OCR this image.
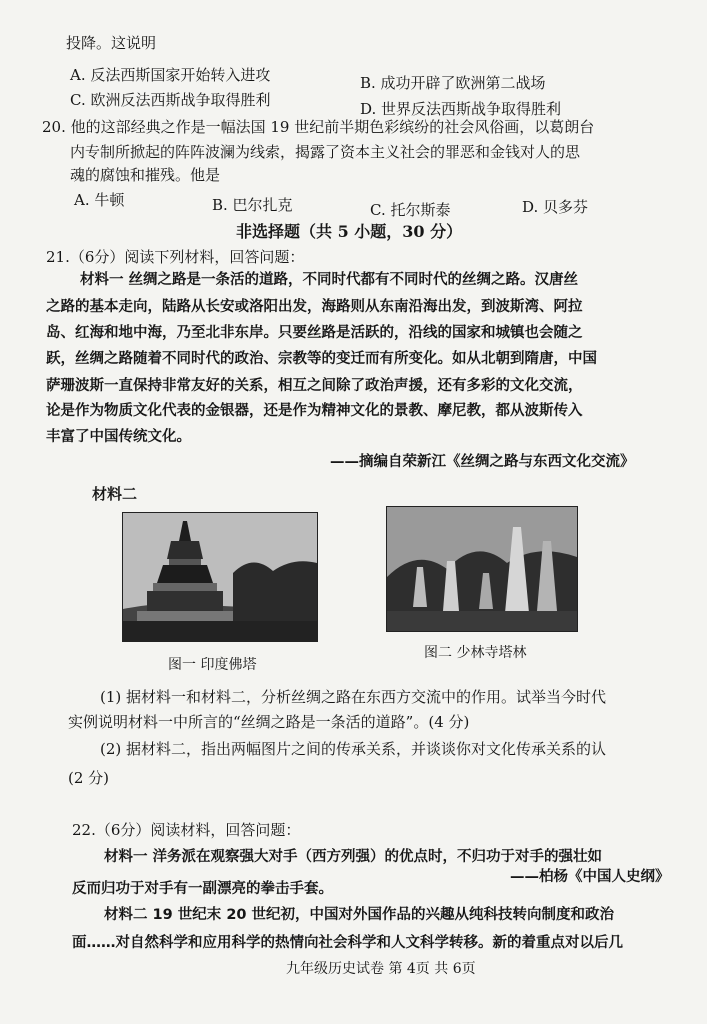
投降。这说明
A. 反法西斯国家开始转入进攻	B. 成功开辟了欧洲第二战场
C. 欧洲反法西斯战争取得胜利	D. 世界反法西斯战争取得胜利
20. 他的这部经典之作是一幅法国 19 世纪前半期色彩缤纷的社会风俗画，以葛朗台
内专制所掀起的阵阵波澜为线索，揭露了资本主义社会的罪恶和金钱对人的思
魂的腐蚀和摧残。他是
A. 牛顿	B. 巴尔扎克	C. 托尔斯泰	D. 贝多芬
非选择题（共 5 小题，30 分）
21.（6分）阅读下列材料，回答问题：
材料一 丝绸之路是一条活的道路，不同时代都有不同时代的丝绸之路。汉唐丝
之路的基本走向，陆路从长安或洛阳出发，海路则从东南沿海出发，到波斯湾、阿拉
岛、红海和地中海，乃至北非东岸。只要丝路是活跃的，沿线的国家和城镇也会随之
跃，丝绸之路随着不同时代的政治、宗教等的变迁而有所变化。如从北朝到隋唐，中国
萨珊波斯一直保持非常友好的关系，相互之间除了政治声援，还有多彩的文化交流，
论是作为物质文化代表的金银器，还是作为精神文化的景教、摩尼教，都从波斯传入
丰富了中国传统文化。
——摘编自荣新江《丝绸之路与东西文化交流》
材料二
图一 印度佛塔
图二 少林寺塔林
(1) 据材料一和材料二，分析丝绸之路在东西方交流中的作用。试举当今时代
实例说明材料一中所言的“丝绸之路是一条活的道路”。(4 分)
(2) 据材料二，指出两幅图片之间的传承关系，并谈谈你对文化传承关系的认
(2 分)
22.（6分）阅读材料，回答问题：
材料一 洋务派在观察强大对手（西方列强）的优点时，不归功于对手的强壮如
——柏杨《中国人史纲》
反而归功于对手有一副漂亮的拳击手套。
材料二 19 世纪末 20 世纪初，中国对外国作品的兴趣从纯科技转向制度和政治
面……对自然科学和应用科学的热情向社会科学和人文科学转移。新的着重点对以后几
九年级历史试卷 第 4页 共 6页
